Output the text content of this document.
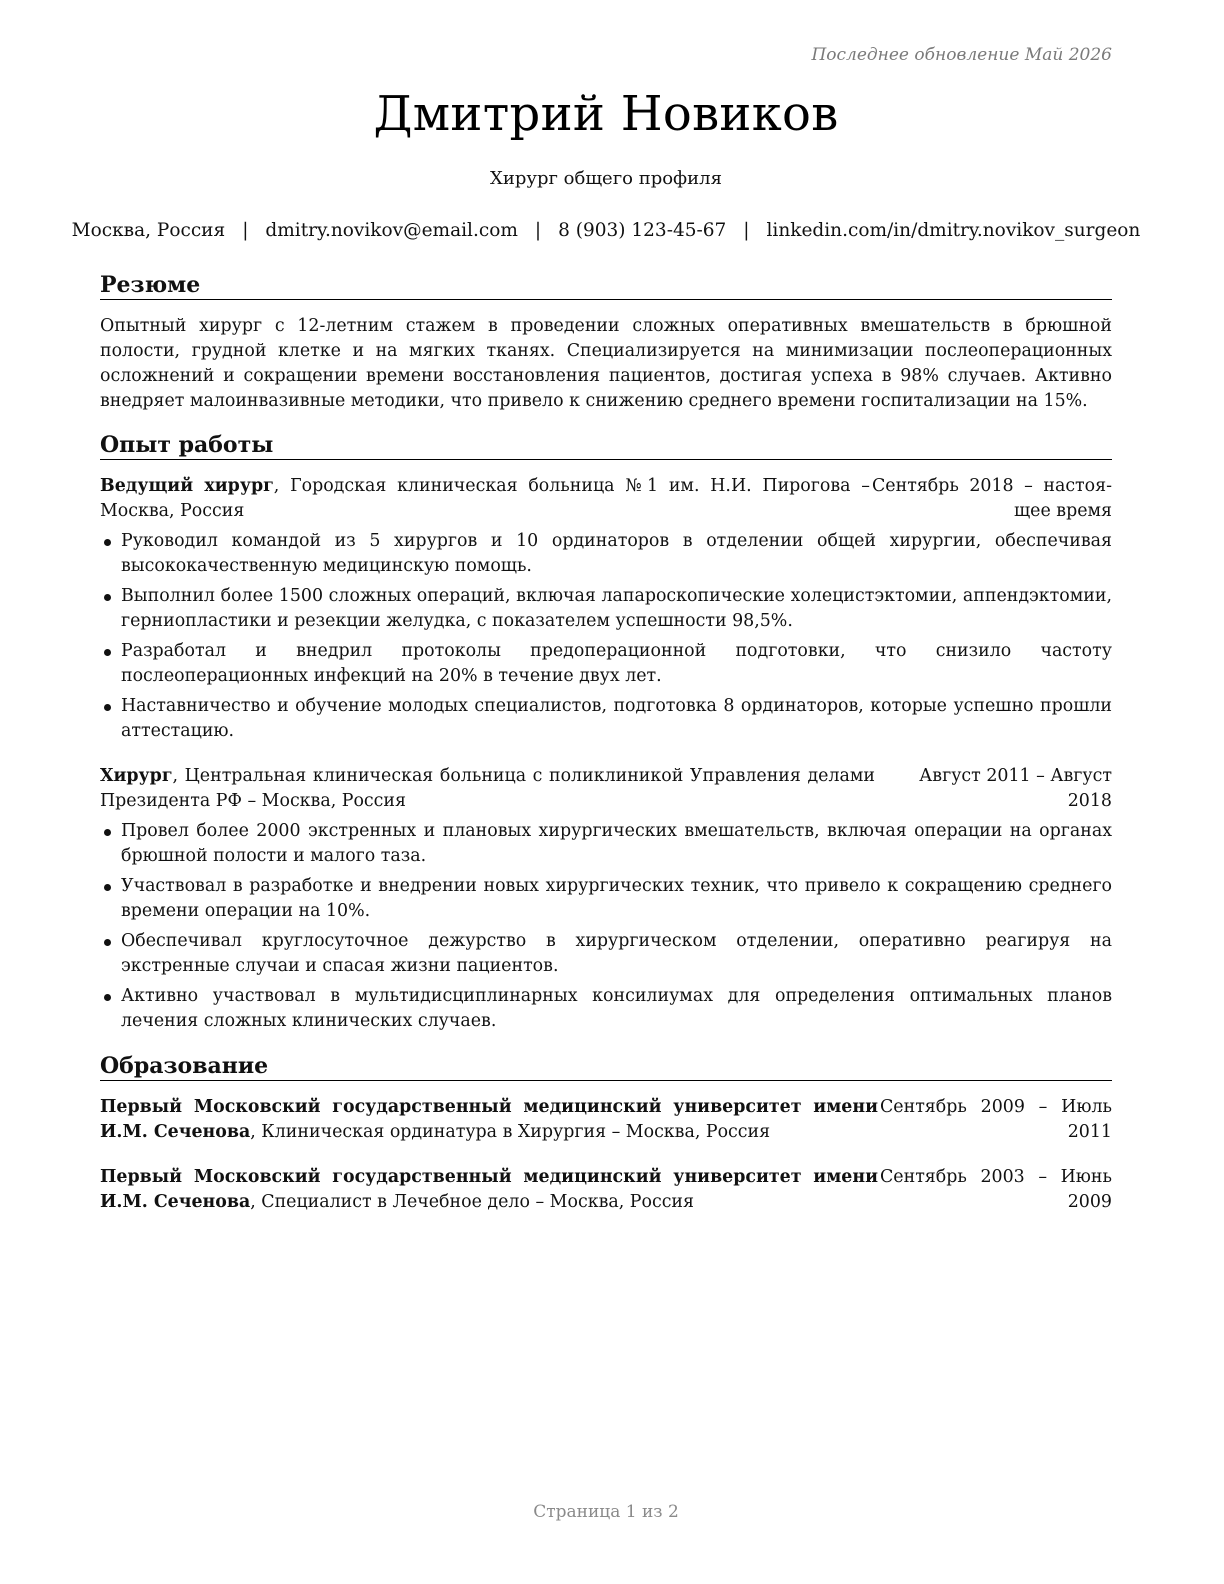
Последнее обновление Май 2026
Дмитрий Новиков
Хирург общего профиля
Москва, Россия | dmitry.novikov@email.com | 8 (903) 123-45-67 | linkedin.com/in/dmitry.novikov_surgeon
Резюме

Опытный хирург с 12-летним стажем в проведении сложных оперативных вмешательств в брюшной полости, грудной клетке и на мягких тканях. Специализируется на минимизации послеоперационных осложнений и сокращении времени восстановления пациентов, достигая успеха в 98% случаев. Активно внедряет малоинвазивные методики, что привело к снижению среднего времени госпитализации на 15%.

Опыт работы
Ведущий хирург, Городская клиническая больница №1 им. Н.И. Пирогова – Москва, Россия
Сентябрь 2018 – настоя-
щее время
Руководил командой из 5 хирургов и 10 ординаторов в отделении общей хирургии, обеспечивая высококачественную медицинскую помощь.
Выполнил более 1500 сложных операций, включая лапароскопические холецистэктомии, аппендэктомии, герниопластики и резекции желудка, с показателем успешности 98,5%.
Разработал и внедрил протоколы предоперационной подготовки, что снизило частоту послеоперационных инфекций на 20% в течение двух лет.
Наставничество и обучение молодых специалистов, подготовка 8 ординаторов, которые успешно прошли аттестацию.
Хирург, Центральная клиническая больница с поликлиникой Управления делами Президента РФ – Москва, Россия
Август 2011 – Август 2018
Провел более 2000 экстренных и плановых хирургических вмешательств, включая операции на органах брюшной полости и малого таза.
Участвовал в разработке и внедрении новых хирургических техник, что привело к сокращению среднего времени операции на 10%.
Обеспечивал круглосуточное дежурство в хирургическом отделении, оперативно реагируя на экстренные случаи и спасая жизни пациентов.
Активно участвовал в мультидисциплинарных консилиумах для определения оптимальных планов лечения сложных клинических случаев.
Образование
Первый Московский государственный медицинский университет имени И.М. Сеченова, Клиническая ординатура в Хирургия – Москва, Россия
Сентябрь 2009 – Июль
2011
Первый Московский государственный медицинский университет имени И.М. Сеченова, Специалист в Лечебное дело – Москва, Россия
Сентябрь 2003 – Июнь
2009
Страница 1 из 2
